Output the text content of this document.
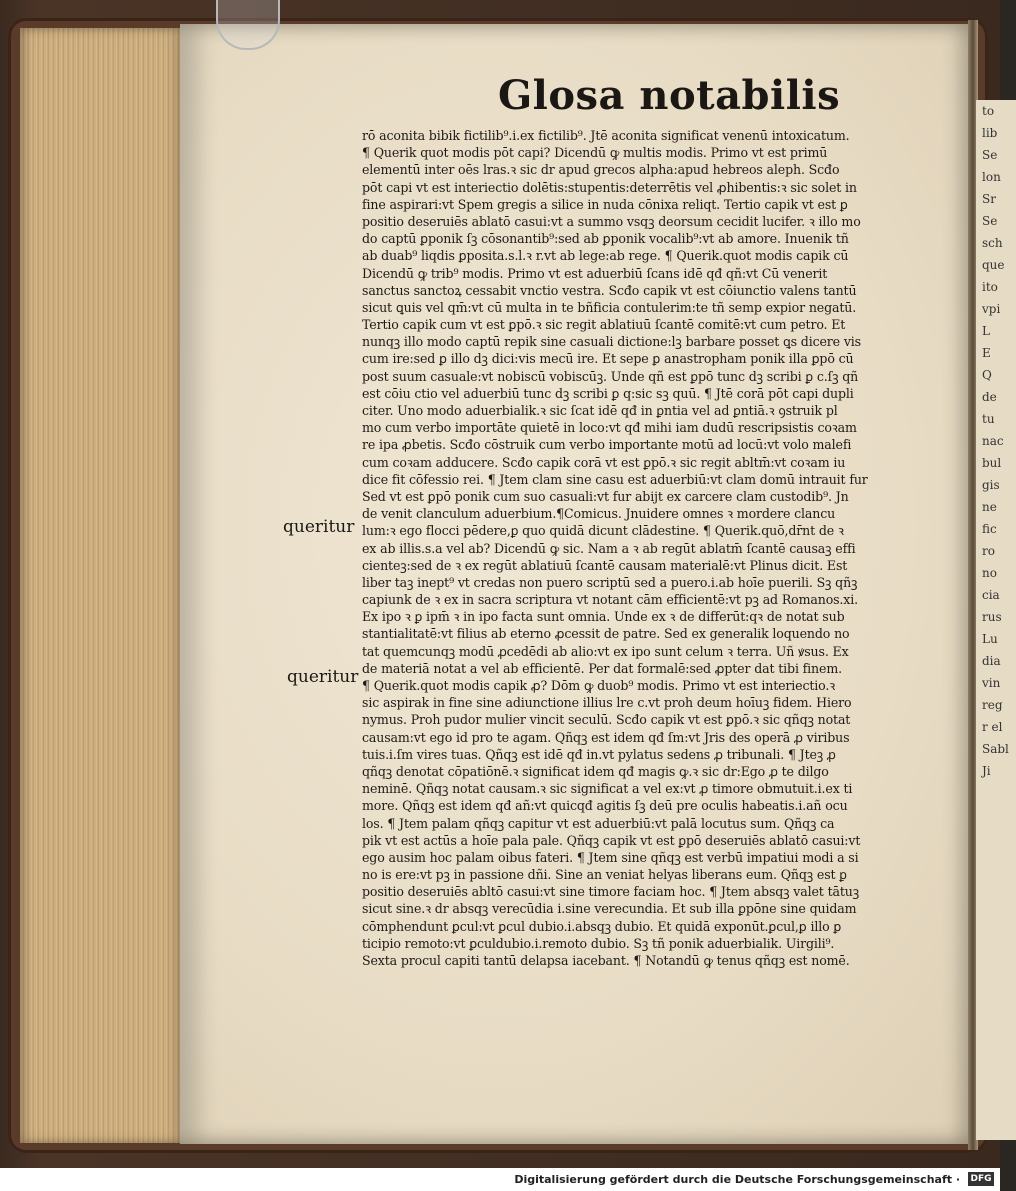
to
lib
Se
lon
Sr
Se
sch
que
ito
vpi
L
E
Q
de
tu
nac
bul
gis
ne
fic
ro
no
cia
rus
Lu
dia
vin
reg
r el
Sabl
Ji
Glosa notabilis
queritur
queritur
rō aconita bibik fictilib⁹.i.ex fictilib⁹. Jtē aconita significat venenū intoxicatum.
¶ Querik quot modis pōt capi? Dicendū ꝙ multis modis. Primo vt est primū
elementū inter oēs lras.ꝛ sic dr apud grecos alpha:apud hebreos aleph. Scđo
pōt capi vt est interiectio dolētis:stupentis:deterrētis vel ꝓhibentis:ꝛ sic solet in
fine aspirari:vt Spem gregis a silice in nuda cōnixa reliqt. Tertio capik vt est ꝑ
positio deseruiēs ablatō casui:vt a summo vsqꝫ deorsum cecidit lucifer. ꝛ illo mo
do captū ꝑponik ſꝫ cōsonantib⁹:sed ab ꝑponik vocalib⁹:vt ab amore. Inuenik tñ
ab duab⁹ liqdis ꝑposita.s.l.ꝛ r.vt ab lege:ab rege. ¶ Querik.quot modis capik cū
Dicendū ꝙ trib⁹ modis. Primo vt est aduerbiū ſcans idē qđ qñ:vt Cū venerit
sanctus sanctoꝝ cessabit vnctio vestra. Scđo capik vt est cōiunctio valens tantū
sicut ꝗuis vel qm̄:vt cū multa in te bñficia contulerim:te tñ semp expior negatū.
Tertio capik cum vt est ꝑpō.ꝛ sic regit ablatiuū ſcantē comitē:vt cum petro. Et
nunqꝫ illo modo captū repik sine casuali dictione:lꝫ barbare posset ꝗs dicere vis
cum ire:sed ꝑ illo dꝫ dici:vis mecū ire. Et sepe ꝑ anastropham ponik illa ꝑpō cū
post suum casuale:vt nobiscū vobiscūꝫ. Unde qñ est ꝑpō tunc dꝫ scribi ꝑ c.ſꝫ qñ
est cōiu ctio vel aduerbiū tunc dꝫ scribi ꝑ q:sic sꝫ quū. ¶ Jtē corā pōt capi dupli
citer. Uno modo aduerbialik.ꝛ sic ſcat idē qđ in ꝑntia vel ad ꝑntiā.ꝛ ꝯstruik pl
mo cum verbo importāte quietē in loco:vt qđ mihi iam dudū rescripsistis coꝛam
re ipa ꝓbetis. Scđo cōstruik cum verbo importante motū ad locū:vt volo malefi
cum coꝛam adducere. Scđo capik corā vt est ꝑpō.ꝛ sic regit abltm̄:vt coꝛam iu
dice fit cōfessio rei. ¶ Jtem clam sine casu est aduerbiū:vt clam domū intrauit fur
Sed vt est ꝑpō ponik cum suo casuali:vt fur abijt ex carcere clam custodib⁹. Jn
de venit clanculum aduerbium.¶Comicus. Jnuidere omnes ꝛ mordere clancu
lum:ꝛ ego flocci pēdere,ꝑ quo quidā dicunt clādestine. ¶ Querik.quō,dr̄nt de ꝛ
ex ab illis.s.a vel ab? Dicendū ꝙ sic. Nam a ꝛ ab regūt ablatm̄ ſcantē causaꝫ effi
cienteꝫ:sed de ꝛ ex regūt ablatiuū ſcantē causam materialē:vt Plinus dicit. Est
liber taꝫ inept⁹ vt credas non puero scriptū sed a puero.i.ab hoīe puerili. Sꝫ qñꝫ
capiunk de ꝛ ex in sacra scriptura vt notant cām efficientē:vt pꝫ ad Romanos.xi.
Ex ipo ꝛ ꝑ ipm̄ ꝛ in ipo facta sunt omnia. Unde ex ꝛ de differūt:qꝛ de notat sub
stantialitatē:vt filius ab eterno ꝓcessit de patre. Sed ex generalik loquendo no
tat quemcunqꝫ modū ꝓcedēdi ab alio:vt ex ipo sunt celum ꝛ terra. Uñ ꝟsus. Ex
de materiā notat a vel ab efficientē. Per dat formalē:sed ꝓpter dat tibi finem.
¶ Querik.quot modis capik ꝓ? Dōm ꝙ duob⁹ modis. Primo vt est interiectio.ꝛ
sic aspirak in fine sine adiunctione illius lre c.vt proh deum hoīuꝫ fidem. Hiero
nymus. Proh pudor mulier vincit seculū. Scđo capik vt est ꝑpō.ꝛ sic qñqꝫ notat
causam:vt ego id pro te agam. Qñqꝫ est idem qđ ſm:vt Jris des operā ꝓ viribus
tuis.i.ſm vires tuas. Qñqꝫ est idē qđ in.vt pylatus sedens ꝓ tribunali. ¶ Jteꝫ ꝓ
qñqꝫ denotat cōpatiōnē.ꝛ significat idem qđ magis ꝙ.ꝛ sic dr:Ego ꝓ te dilgo
neminē. Qñqꝫ notat causam.ꝛ sic significat a vel ex:vt ꝓ timore obmutuit.i.ex ti
more. Qñqꝫ est idem qđ añ:vt quicqđ agitis ſꝫ deū pre oculis habeatis.i.añ ocu
los. ¶ Jtem palam qñqꝫ capitur vt est aduerbiū:vt palā locutus sum. Qñqꝫ ca
pik vt est actūs a hoīe pala pale. Qñqꝫ capik vt est ꝑpō deseruiēs ablatō casui:vt
ego ausim hoc palam oibus fateri. ¶ Jtem sine qñqꝫ est verbū impatiui modi a si
no is ere:vt pꝫ in passione dñi. Sine an veniat helyas liberans eum. Qñqꝫ est ꝑ
positio deseruiēs abltō casui:vt sine timore faciam hoc. ¶ Jtem absqꝫ valet tātuꝫ
sicut sine.ꝛ dr absqꝫ verecūdia i.sine verecundia. Et sub illa ꝑpōne sine quidam
cōmphendunt ꝑcul:vt ꝑcul dubio.i.absqꝫ dubio. Et quidā exponūt.ꝑcul,ꝑ illo ꝑ
ticipio remoto:vt ꝑculdubio.i.remoto dubio. Sꝫ tñ ponik aduerbialik. Uirgili⁹.
Sexta procul capiti tantū delapsa iacebant. ¶ Notandū ꝙ tenus qñqꝫ est nomē.
Digitalisierung gefördert durch die Deutsche Forschungsgemeinschaft · DFG
